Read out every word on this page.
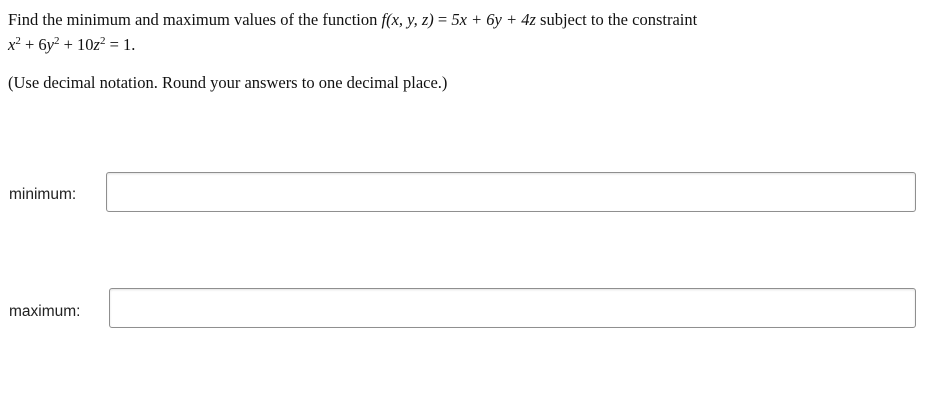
Find the minimum and maximum values of the function f(x, y, z) = 5x + 6y + 4z subject to the constraint
$x^2 + 6y^2 + 10z^2 = 1$.
(Use decimal notation. Round your answers to one decimal place.)
minimum:
maximum:
